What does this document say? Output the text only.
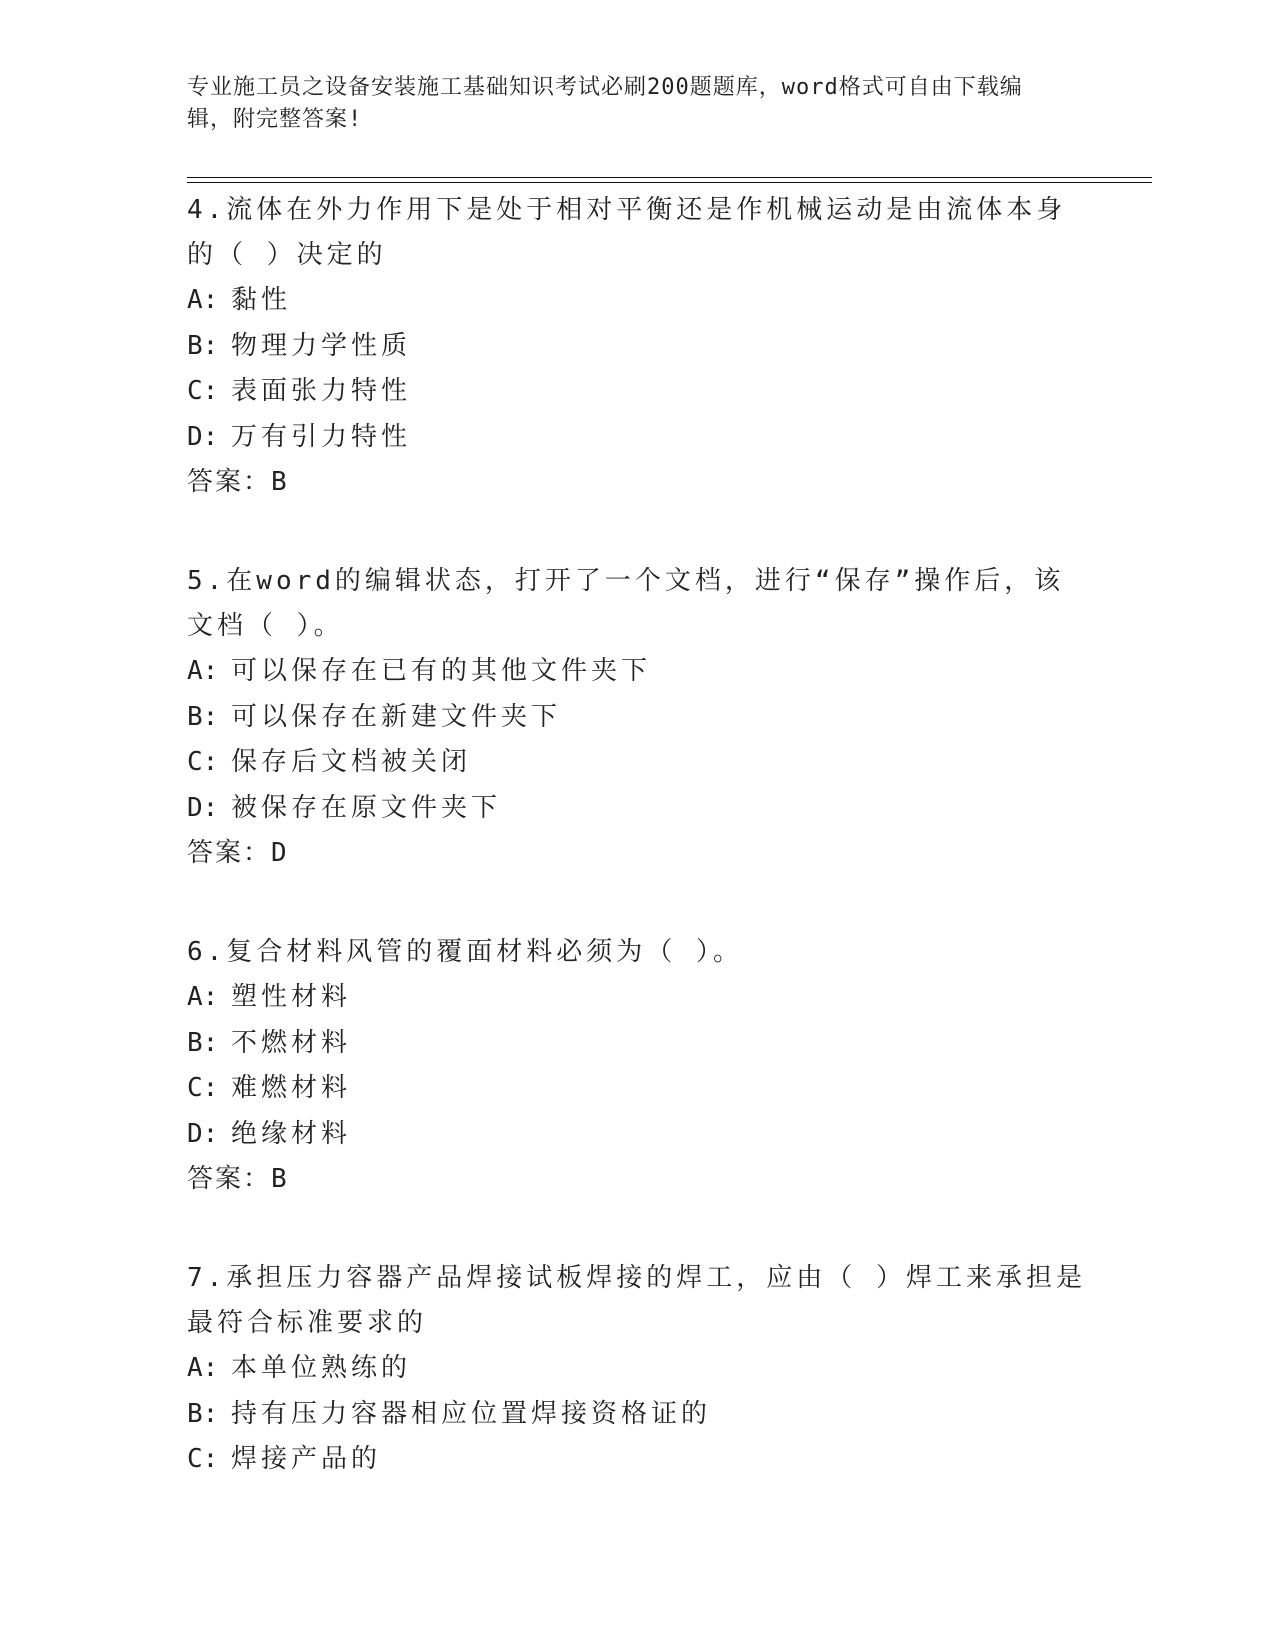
专业施工员之设备安装施工基础知识考试必刷200题题库，word格式可自由下载编辑，附完整答案!

4.流体在外力作用下是处于相对平衡还是作机械运动是由流体本身的（ ）决定的

A: 黏性

B: 物理力学性质

C: 表面张力特性

D: 万有引力特性

答案：B

5.在word的编辑状态，打开了一个文档，进行“保存”操作后，该文档（ ）。

A: 可以保存在已有的其他文件夹下

B: 可以保存在新建文件夹下

C: 保存后文档被关闭

D: 被保存在原文件夹下

答案：D

6.复合材料风管的覆面材料必须为（ ）。

A: 塑性材料

B: 不燃材料

C: 难燃材料

D: 绝缘材料

答案：B

7.承担压力容器产品焊接试板焊接的焊工，应由（ ）焊工来承担是最符合标准要求的

A: 本单位熟练的

B: 持有压力容器相应位置焊接资格证的

C: 焊接产品的
